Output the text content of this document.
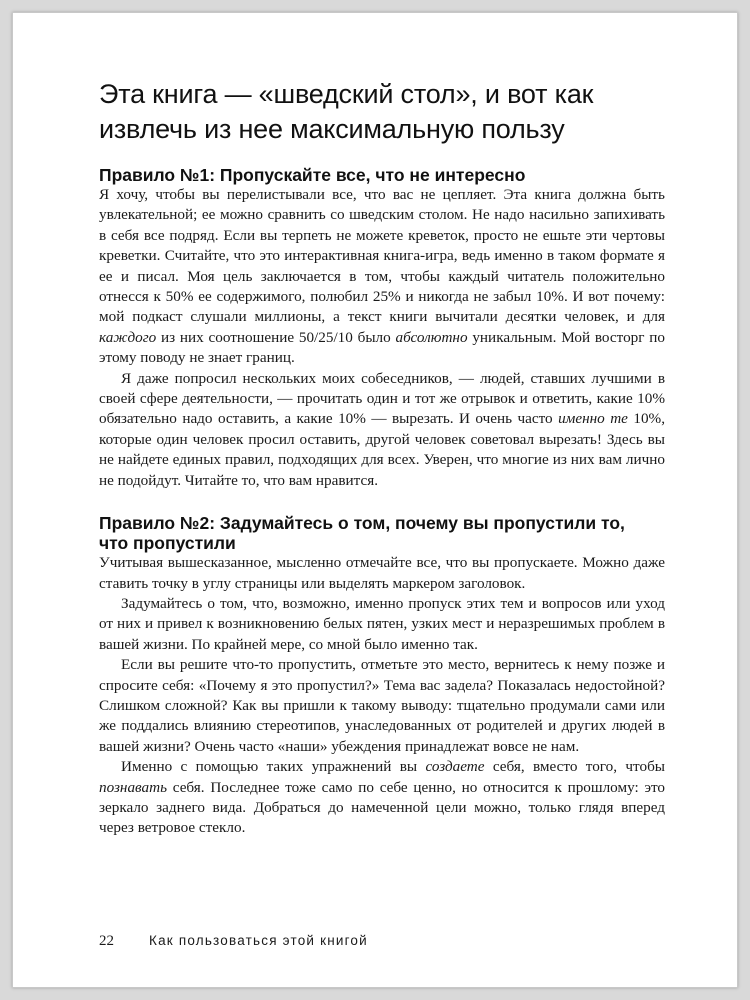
Эта книга — «шведский стол», и вот как
извлечь из нее максимальную пользу
Правило №1: Пропускайте все, что не интересно

Я хочу, чтобы вы перелистывали все, что вас не цепляет. Эта книга должна быть увлекательной; ее можно сравнить со шведским столом. Не надо насильно запихивать в себя все подряд. Если вы терпеть не можете креветок, просто не ешьте эти чертовы креветки. Считайте, что это интерактивная книга-игра, ведь именно в таком формате я ее и писал. Моя цель заключается в том, чтобы каждый читатель положительно отнесся к 50% ее содержимого, полюбил 25% и никогда не забыл 10%. И вот почему: мой подкаст слушали миллионы, а текст книги вычитали десятки человек, и для каждого из них соотношение 50/25/10 было абсолютно уникальным. Мой восторг по этому поводу не знает границ.

Я даже попросил нескольких моих собеседников, — людей, ставших лучшими в своей сфере деятельности, — прочитать один и тот же отрывок и ответить, какие 10% обязательно надо оставить, а какие 10% — вырезать. И очень часто именно те 10%, которые один человек просил оставить, другой человек советовал вырезать! Здесь вы не найдете единых правил, подходящих для всех. Уверен, что многие из них вам лично не подойдут. Читайте то, что вам нравится.

Правило №2: Задумайтесь о том, почему вы пропустили то,
что пропустили

Учитывая вышесказанное, мысленно отмечайте все, что вы пропускаете. Можно даже ставить точку в углу страницы или выделять маркером заголовок.

Задумайтесь о том, что, возможно, именно пропуск этих тем и вопросов или уход от них и привел к возникновению белых пятен, узких мест и неразрешимых проблем в вашей жизни. По крайней мере, со мной было именно так.

Если вы решите что-то пропустить, отметьте это место, вернитесь к нему позже и спросите себя: «Почему я это пропустил?» Тема вас задела? Показалась недостойной? Слишком сложной? Как вы пришли к такому выводу: тщательно продумали сами или же поддались влиянию стереотипов, унаследованных от родителей и других людей в вашей жизни? Очень часто «наши» убеждения принадлежат вовсе не нам.

Именно с помощью таких упражнений вы создаете себя, вместо того, чтобы познавать себя. Последнее тоже само по себе ценно, но относится к прошлому: это зеркало заднего вида. Добраться до намеченной цели можно, только глядя вперед через ветровое стекло.

22	Как пользоваться этой книгой
